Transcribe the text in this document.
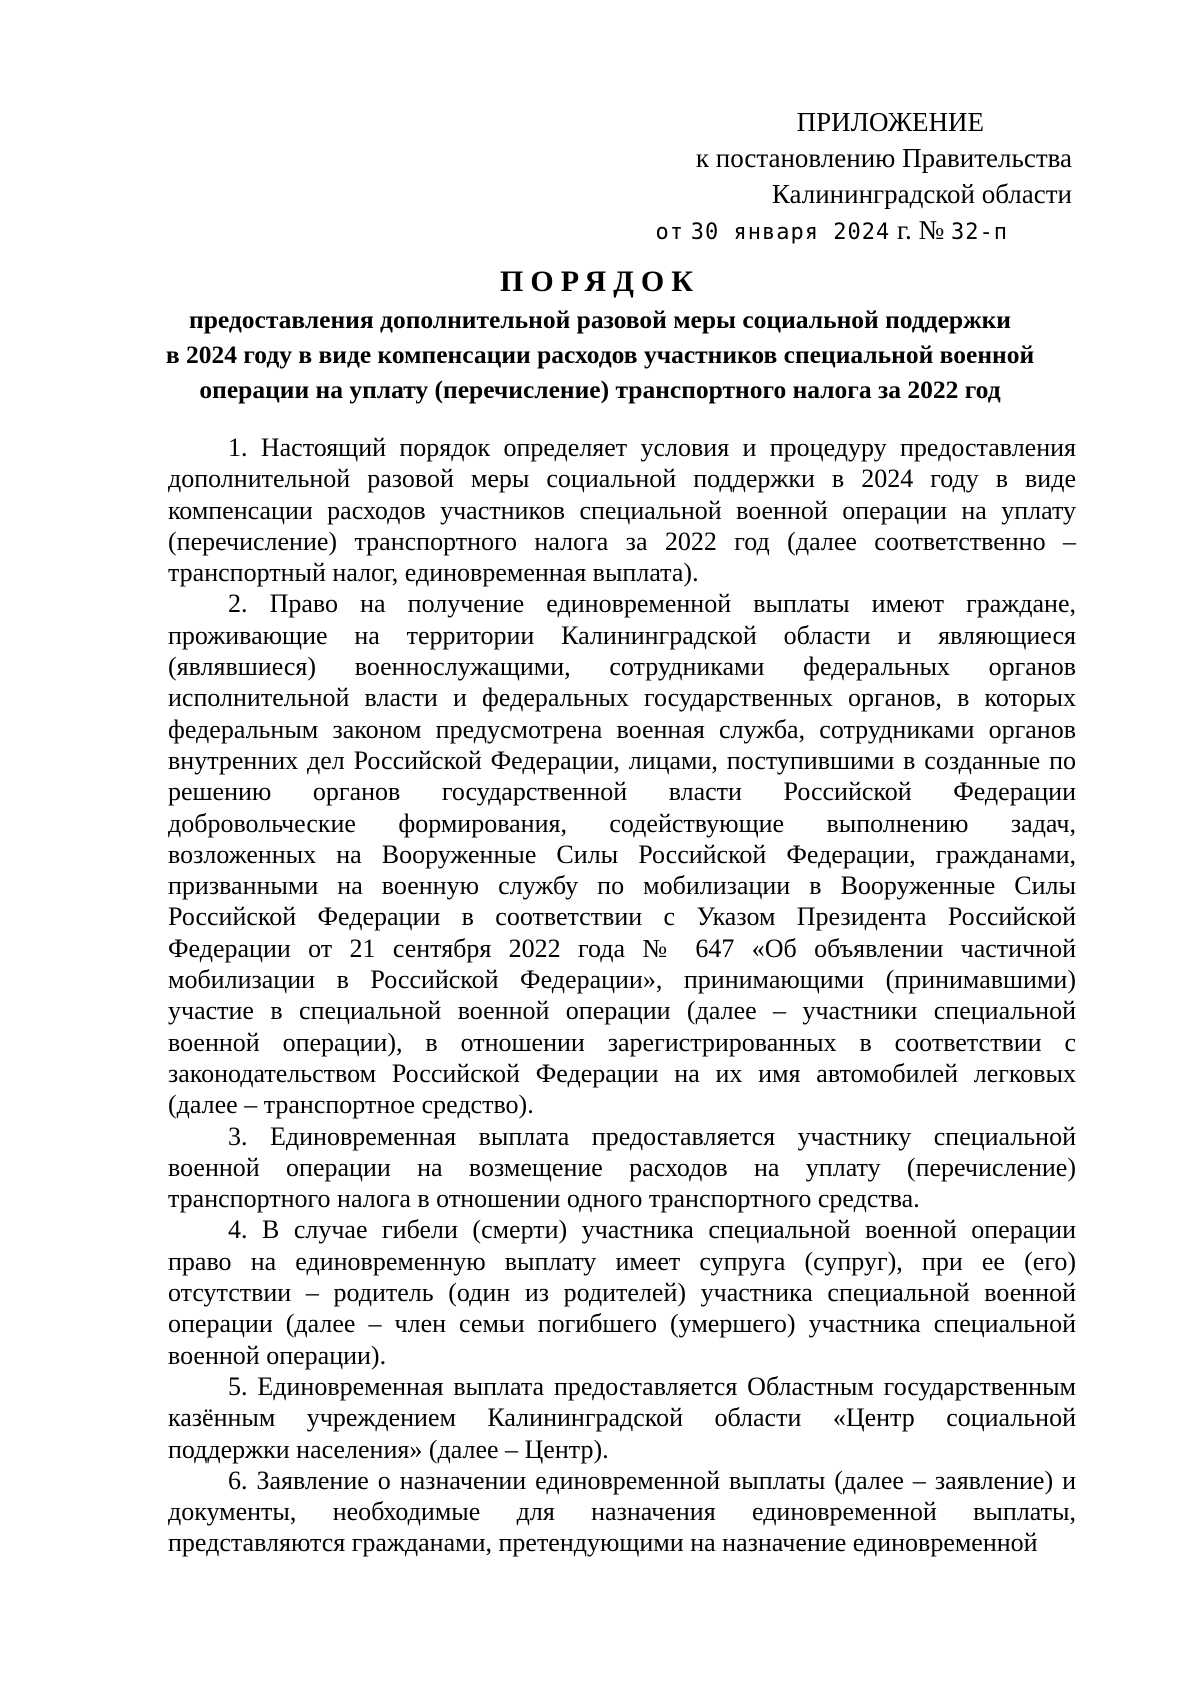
ПРИЛОЖЕНИЕ
к постановлению Правительства
Калининградской области
от 30 января 2024 г. № 32-п
ПОРЯДОК
предоставления дополнительной разовой меры социальной поддержки
в 2024 году в виде компенсации расходов участников специальной военной
операции на уплату (перечисление) транспортного налога за 2022 год

1. Настоящий порядок определяет условия и процедуру предоставления дополнительной разовой меры социальной поддержки в 2024 году в виде компенсации расходов участников специальной военной операции на уплату (перечисление) транспортного налога за 2022 год (далее соответственно – транспортный налог, единовременная выплата).

2. Право на получение единовременной выплаты имеют граждане, проживающие на территории Калининградской области и являющиеся (являвшиеся) военнослужащими, сотрудниками федеральных органов исполнительной власти и федеральных государственных органов, в которых федеральным законом предусмотрена военная служба, сотрудниками органов внутренних дел Российской Федерации, лицами, поступившими в созданные по решению органов государственной власти Российской Федерации добровольческие формирования, содействующие выполнению задач, возложенных на Вооруженные Силы Российской Федерации, гражданами, призванными на военную службу по мобилизации в Вооруженные Силы Российской Федерации в соответствии с Указом Президента Российской Федерации от 21 сентября 2022 года № 647 «Об объявлении частичной мобилизации в Российской Федерации», принимающими (принимавшими) участие в специальной военной операции (далее – участники специальной военной операции), в отношении зарегистрированных в соответствии с законодательством Российской Федерации на их имя автомобилей легковых (далее – транспортное средство).

3. Единовременная выплата предоставляется участнику специальной военной операции на возмещение расходов на уплату (перечисление) транспортного налога в отношении одного транспортного средства.

4. В случае гибели (смерти) участника специальной военной операции право на единовременную выплату имеет супруга (супруг), при ее (его) отсутствии – родитель (один из родителей) участника специальной военной операции (далее – член семьи погибшего (умершего) участника специальной военной операции).

5. Единовременная выплата предоставляется Областным государственным казённым учреждением Калининградской области «Центр социальной поддержки населения» (далее – Центр).

6. Заявление о назначении единовременной выплаты (далее – заявление) и документы, необходимые для назначения единовременной выплаты, представляются гражданами, претендующими на назначение единовременной
